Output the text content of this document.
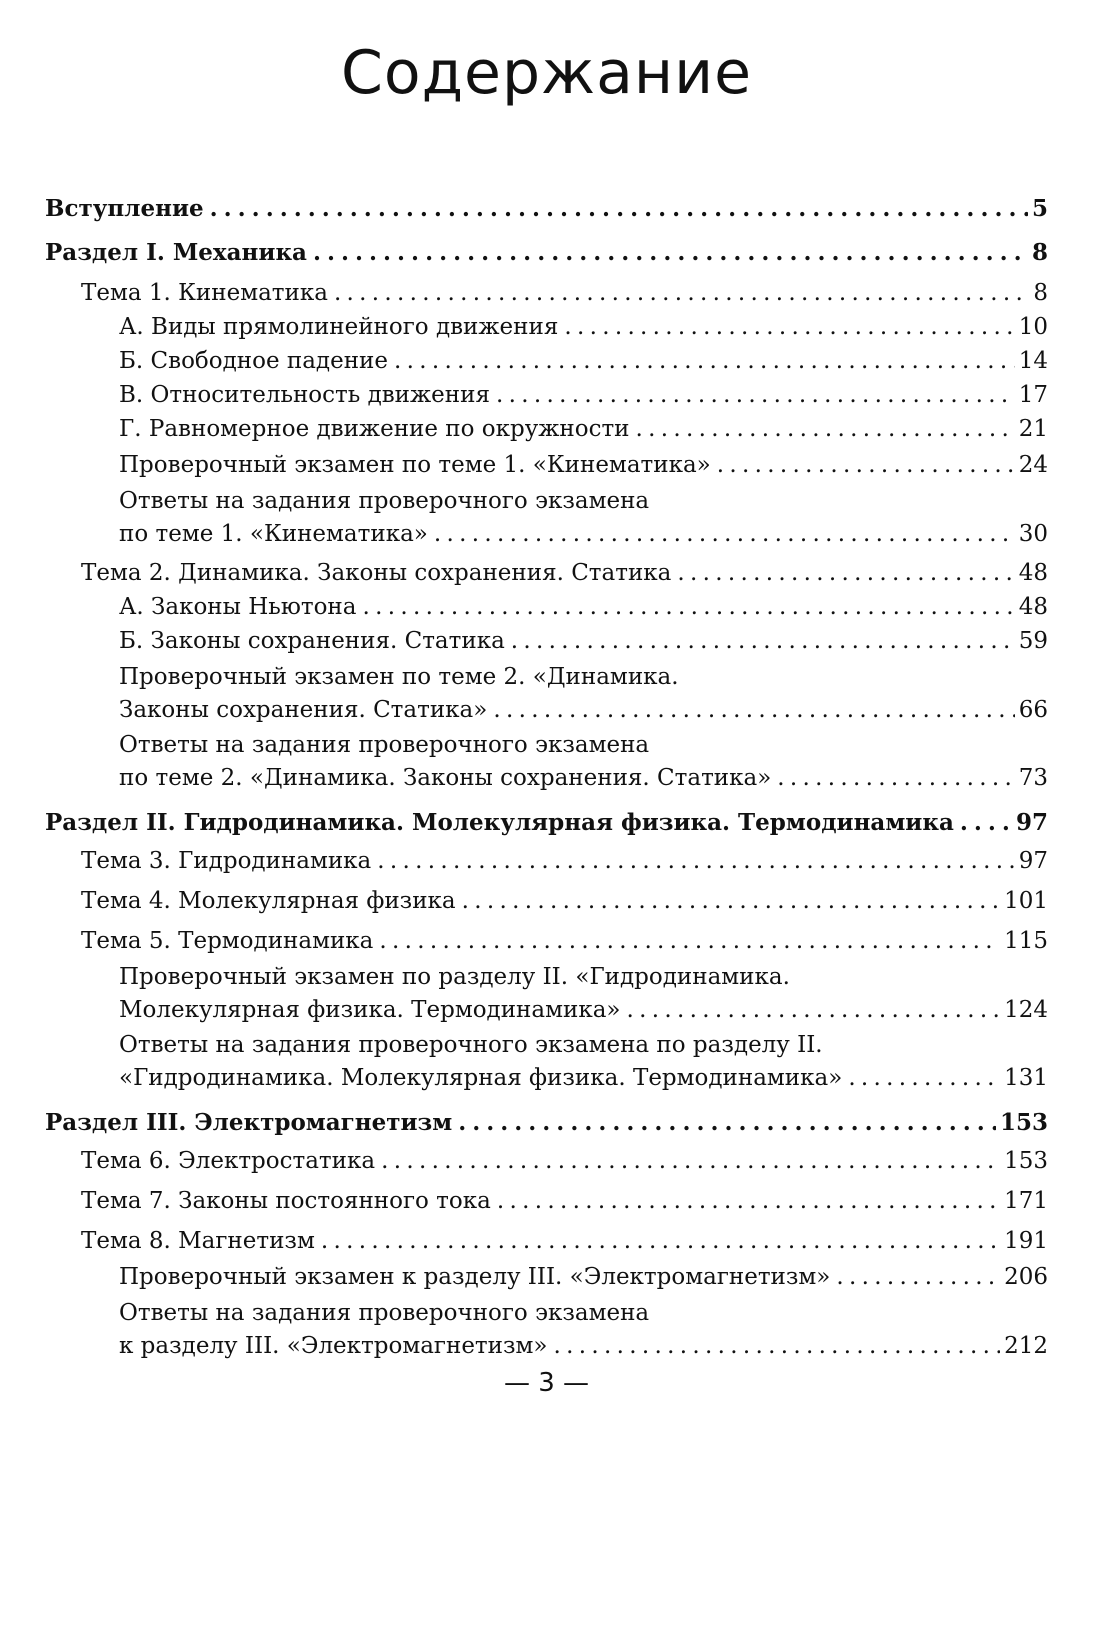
Содержание
Вступление . . .	5
Раздел I. Механика . . .	8
Тема 1. Кинематика . . .	8
А. Виды прямолинейного движения . . .	10
Б. Свободное падение . . .	14
В. Относительность движения . . .	17
Г. Равномерное движение по окружности . . .	21
Проверочный экзамен по теме 1. «Кинематика» . . .	24
Ответы на задания проверочного экзамена
по теме 1. «Кинематика» . . .	30
Тема 2. Динамика. Законы сохранения. Статика . . .	48
А. Законы Ньютона . . .	48
Б. Законы сохранения. Статика . . .	59
Проверочный экзамен по теме 2. «Динамика.
Законы сохранения. Статика» . . .	66
Ответы на задания проверочного экзамена
по теме 2. «Динамика. Законы сохранения. Статика» . . .	73
Раздел II. Гидродинамика. Молекулярная физика. Термодинамика . . .	97
Тема 3. Гидродинамика . . .	97
Тема 4. Молекулярная физика . . .	101
Тема 5. Термодинамика . . .	115
Проверочный экзамен по разделу II. «Гидродинамика.
Молекулярная физика. Термодинамика» . . .	124
Ответы на задания проверочного экзамена по разделу II.
«Гидродинамика. Молекулярная физика. Термодинамика» . . .	131
Раздел III. Электромагнетизм . . .	153
Тема 6. Электростатика . . .	153
Тема 7. Законы постоянного тока . . .	171
Тема 8. Магнетизм . . .	191
Проверочный экзамен к разделу III. «Электромагнетизм» . . .	206
Ответы на задания проверочного экзамена
к разделу III. «Электромагнетизм» . . .	212
— 3 —
